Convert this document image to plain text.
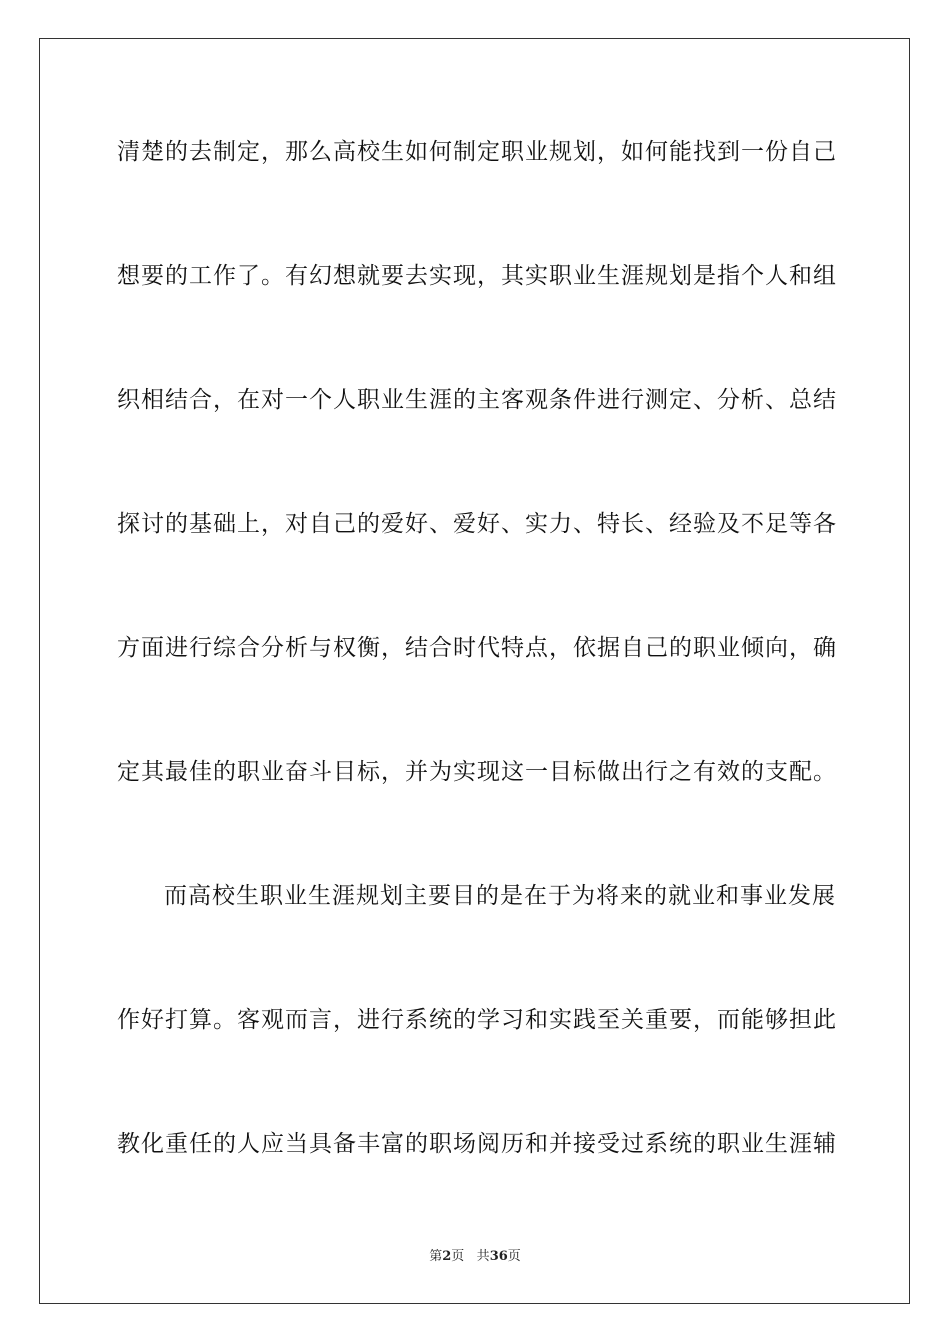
清楚的去制定，那么高校生如何制定职业规划，如何能找到一份自己
想要的工作了。有幻想就要去实现，其实职业生涯规划是指个人和组
织相结合，在对一个人职业生涯的主客观条件进行测定、分析、总结
探讨的基础上，对自己的爱好、爱好、实力、特长、经验及不足等各
方面进行综合分析与权衡，结合时代特点，依据自己的职业倾向，确
定其最佳的职业奋斗目标，并为实现这一目标做出行之有效的支配。
而高校生职业生涯规划主要目的是在于为将来的就业和事业发展
作好打算。客观而言，进行系统的学习和实践至关重要，而能够担此
教化重任的人应当具备丰富的职场阅历和并接受过系统的职业生涯辅
第2页 共36页
